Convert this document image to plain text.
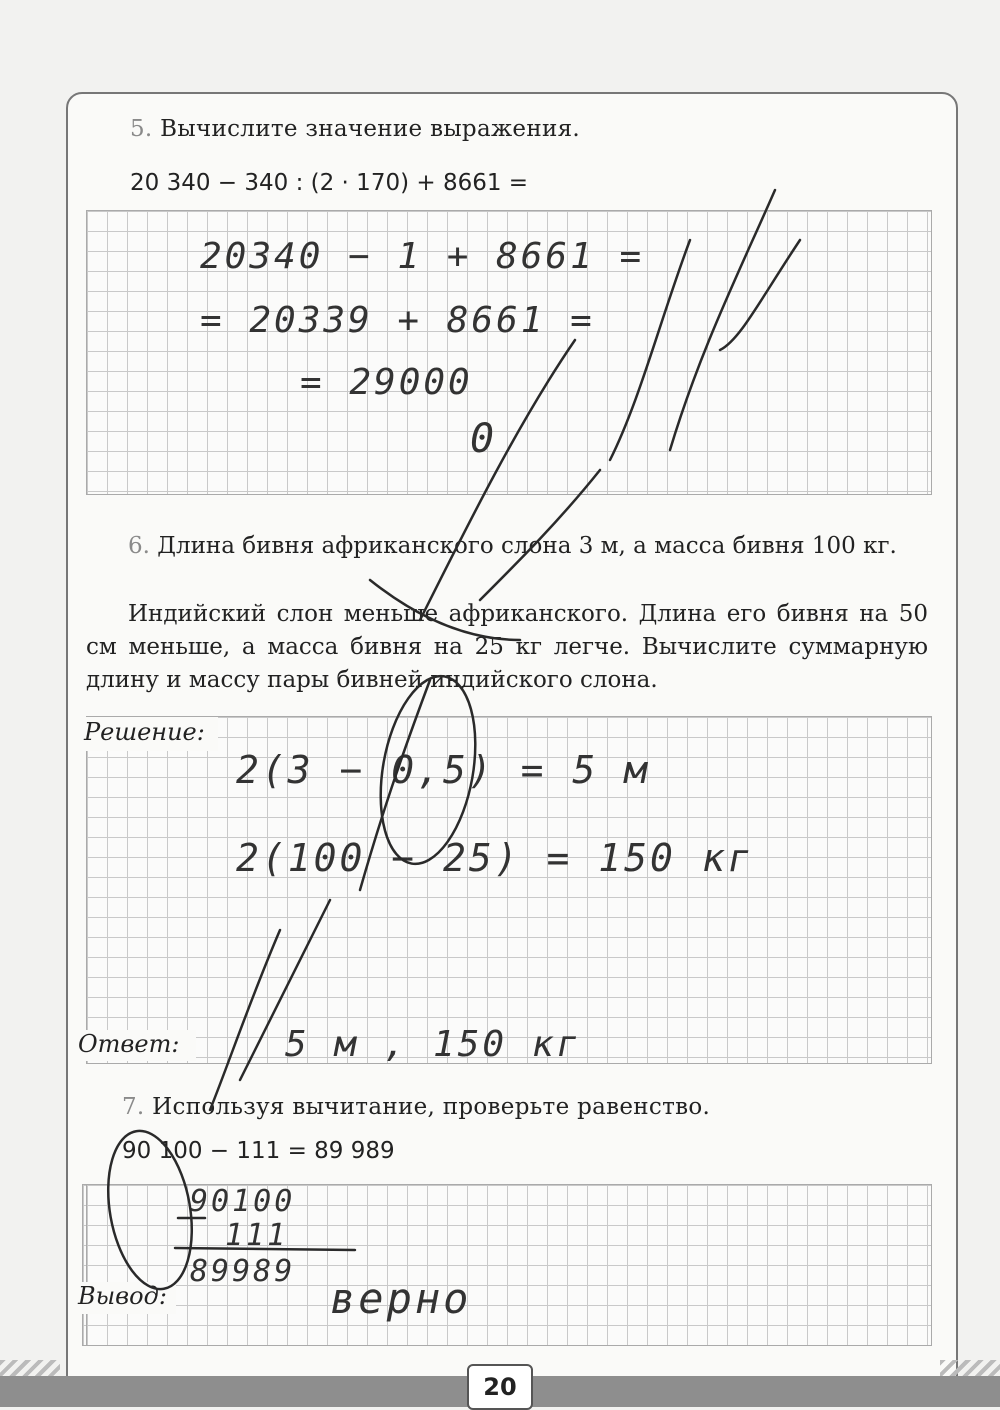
5. Вычислите значение выражения.
20 340 − 340 : (2 · 170) + 8661 =
20340 − 1 + 8661 =
= 20339 + 8661 =
= 29000
0
6. Длина бивня африканского слона 3 м, а масса бивня 100 кг.
Индийский слон меньше африканского. Длина его бивня на 50 см меньше, а масса бивня на 25 кг легче. Вычислите суммарную длину и массу пары бивней индийского слона.
Решение:
2(3 − 0,5) = 5 м
2(100 − 25) = 150 кг
Ответ:	5 м , 150 кг
7. Используя вычитание, проверьте равенство.
90 100 − 111 = 89 989
90100
111
89989
Вывод:	верно
20
